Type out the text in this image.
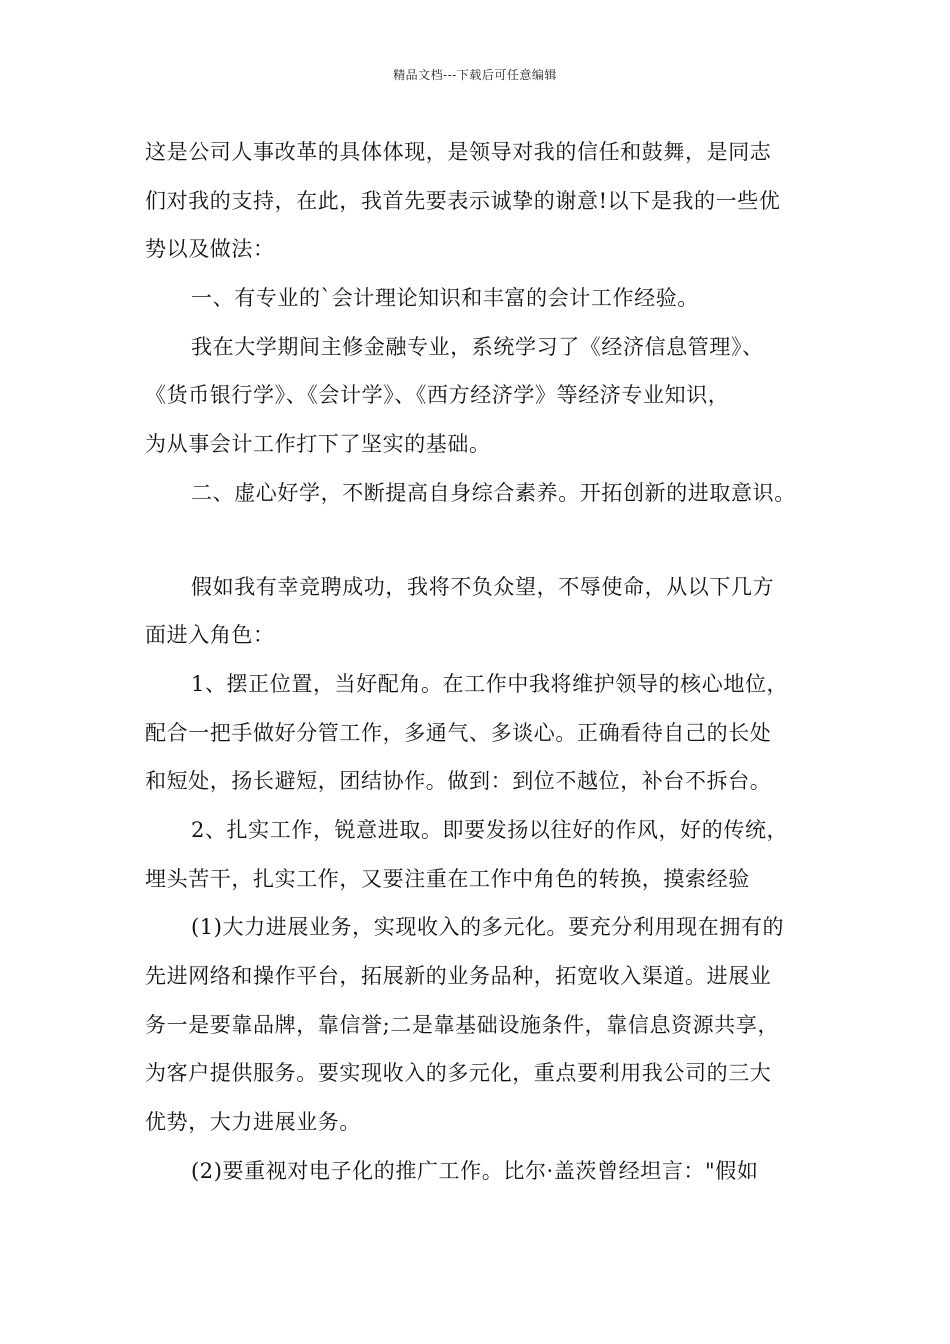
精品文档---下载后可任意编辑
这是公司人事改革的具体体现，是领导对我的信任和鼓舞，是同志
们对我的支持，在此，我首先要表示诚挚的谢意!以下是我的一些优
势以及做法：
一、有专业的`会计理论知识和丰富的会计工作经验。
我在大学期间主修金融专业，系统学习了《经济信息管理》、
《货币银行学》、《会计学》、《西方经济学》等经济专业知识，
为从事会计工作打下了坚实的基础。
二、虚心好学，不断提高自身综合素养。开拓创新的进取意识。
假如我有幸竞聘成功，我将不负众望，不辱使命，从以下几方
面进入角色：
1、摆正位置，当好配角。在工作中我将维护领导的核心地位，
配合一把手做好分管工作，多通气、多谈心。正确看待自己的长处
和短处，扬长避短，团结协作。做到：到位不越位，补台不拆台。
2、扎实工作，锐意进取。即要发扬以往好的作风，好的传统，
埋头苦干，扎实工作，又要注重在工作中角色的转换，摸索经验
(1)大力进展业务，实现收入的多元化。要充分利用现在拥有的
先进网络和操作平台，拓展新的业务品种，拓宽收入渠道。进展业
务一是要靠品牌，靠信誉;二是靠基础设施条件，靠信息资源共享，
为客户提供服务。要实现收入的多元化，重点要利用我公司的三大
优势，大力进展业务。
(2)要重视对电子化的推广工作。比尔·盖茨曾经坦言："假如
